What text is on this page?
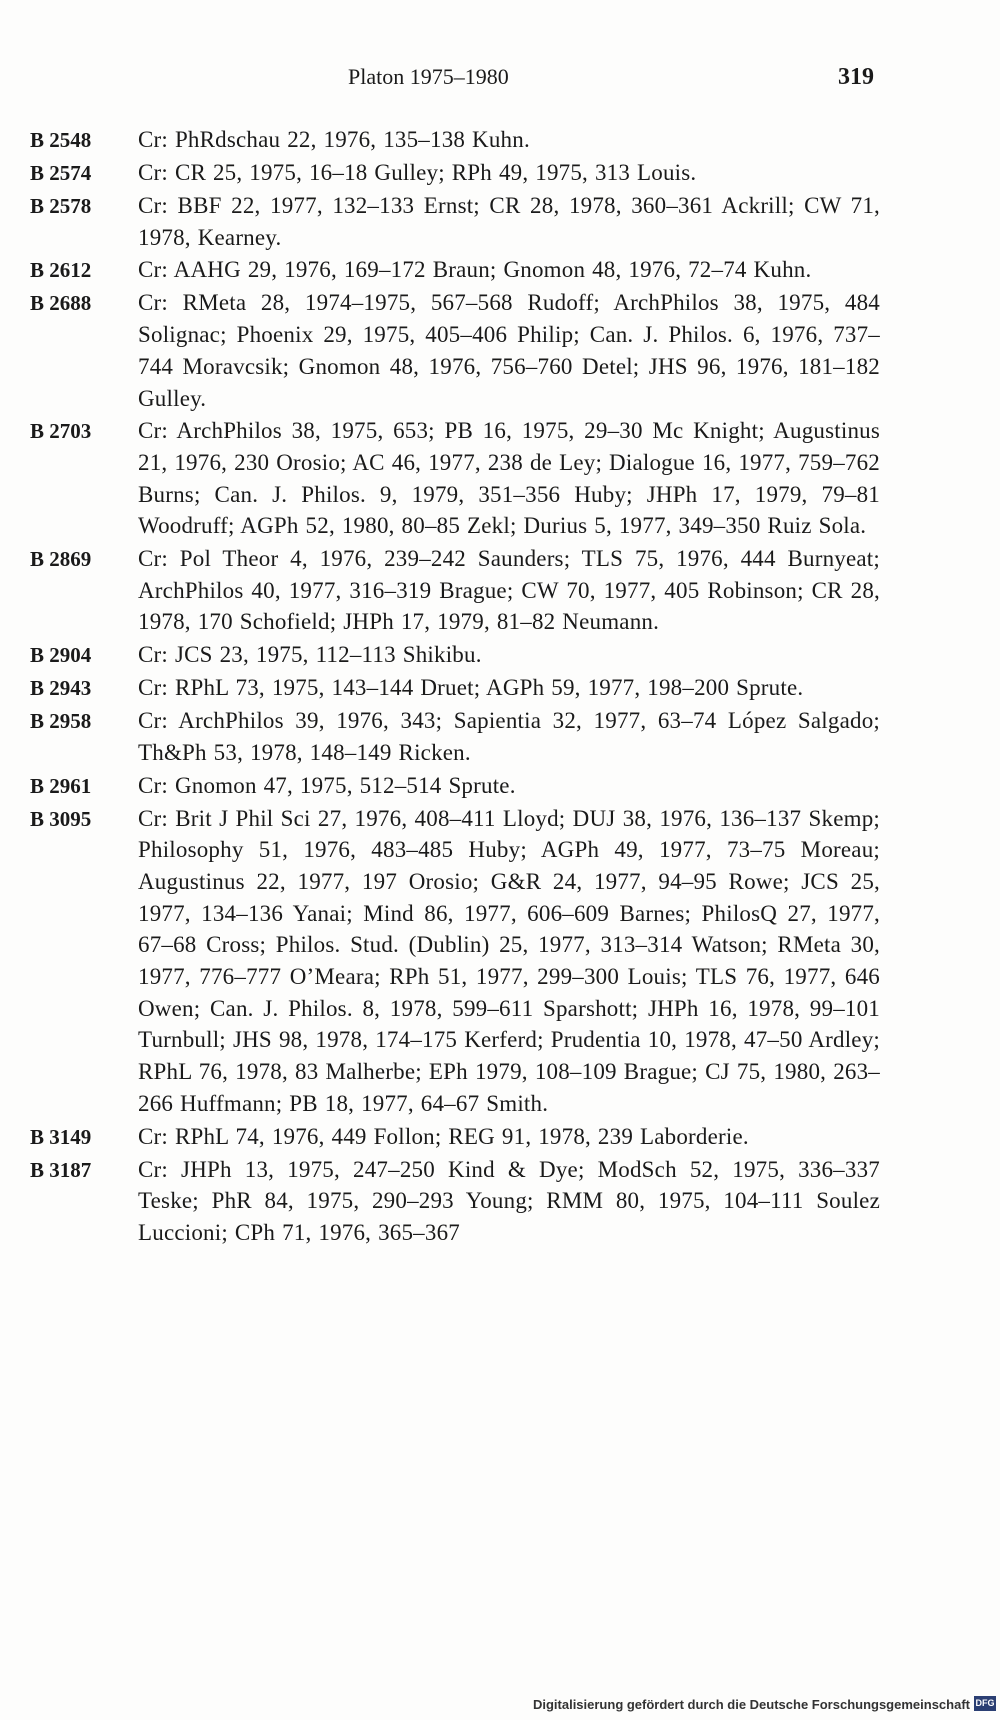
Platon 1975–1980	319
B 2548	Cr: PhRdschau 22, 1976, 135–138 Kuhn.
B 2574	Cr: CR 25, 1975, 16–18 Gulley; RPh 49, 1975, 313 Louis.
B 2578	Cr: BBF 22, 1977, 132–133 Ernst; CR 28, 1978, 360–361 Ackrill; CW 71, 1978, Kearney.
B 2612	Cr: AAHG 29, 1976, 169–172 Braun; Gnomon 48, 1976, 72–74 Kuhn.
B 2688	Cr: RMeta 28, 1974–1975, 567–568 Rudoff; ArchPhilos 38, 1975, 484 Solignac; Phoenix 29, 1975, 405–406 Philip; Can. J. Philos. 6, 1976, 737–744 Moravcsik; Gnomon 48, 1976, 756–760 Detel; JHS 96, 1976, 181–182 Gulley.
B 2703	Cr: ArchPhilos 38, 1975, 653; PB 16, 1975, 29–30 Mc Knight; Augustinus 21, 1976, 230 Orosio; AC 46, 1977, 238 de Ley; Dialogue 16, 1977, 759–762 Burns; Can. J. Philos. 9, 1979, 351–356 Huby; JHPh 17, 1979, 79–81 Woodruff; AGPh 52, 1980, 80–85 Zekl; Durius 5, 1977, 349–350 Ruiz Sola.
B 2869	Cr: Pol Theor 4, 1976, 239–242 Saunders; TLS 75, 1976, 444 Burnyeat; ArchPhilos 40, 1977, 316–319 Brague; CW 70, 1977, 405 Robinson; CR 28, 1978, 170 Schofield; JHPh 17, 1979, 81–82 Neumann.
B 2904	Cr: JCS 23, 1975, 112–113 Shikibu.
B 2943	Cr: RPhL 73, 1975, 143–144 Druet; AGPh 59, 1977, 198–200 Sprute.
B 2958	Cr: ArchPhilos 39, 1976, 343; Sapientia 32, 1977, 63–74 López Salgado; Th&Ph 53, 1978, 148–149 Ricken.
B 2961	Cr: Gnomon 47, 1975, 512–514 Sprute.
B 3095	Cr: Brit J Phil Sci 27, 1976, 408–411 Lloyd; DUJ 38, 1976, 136–137 Skemp; Philosophy 51, 1976, 483–485 Huby; AGPh 49, 1977, 73–75 Moreau; Augustinus 22, 1977, 197 Orosio; G&R 24, 1977, 94–95 Rowe; JCS 25, 1977, 134–136 Yanai; Mind 86, 1977, 606–609 Barnes; PhilosQ 27, 1977, 67–68 Cross; Philos. Stud. (Dublin) 25, 1977, 313–314 Watson; RMeta 30, 1977, 776–777 O’Meara; RPh 51, 1977, 299–300 Louis; TLS 76, 1977, 646 Owen; Can. J. Philos. 8, 1978, 599–611 Sparshott; JHPh 16, 1978, 99–101 Turnbull; JHS 98, 1978, 174–175 Kerferd; Prudentia 10, 1978, 47–50 Ardley; RPhL 76, 1978, 83 Malherbe; EPh 1979, 108–109 Brague; CJ 75, 1980, 263–266 Huffmann; PB 18, 1977, 64–67 Smith.
B 3149	Cr: RPhL 74, 1976, 449 Follon; REG 91, 1978, 239 Laborderie.
B 3187	Cr: JHPh 13, 1975, 247–250 Kind & Dye; ModSch 52, 1975, 336–337 Teske; PhR 84, 1975, 290–293 Young; RMM 80, 1975, 104–111 Soulez Luccioni; CPh 71, 1976, 365–367
Digitalisierung gefördert durch die Deutsche Forschungsgemeinschaft DFG
